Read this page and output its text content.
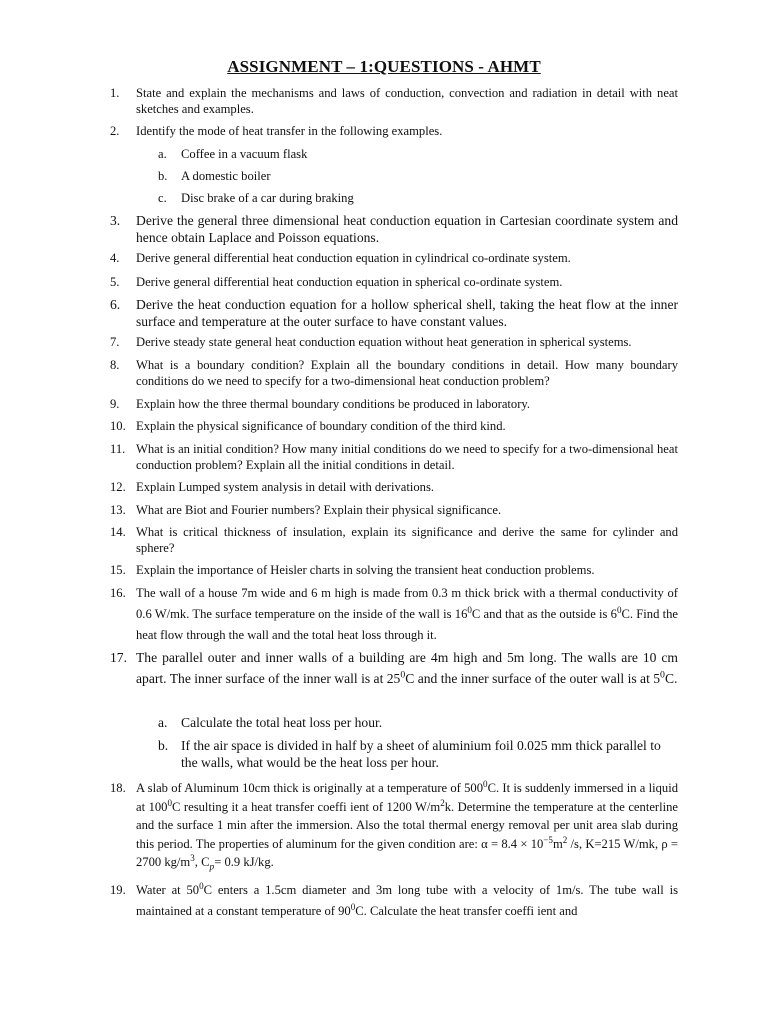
ASSIGNMENT – 1:QUESTIONS - AHMT
1.	State and explain the mechanisms and laws of conduction, convection and radiation in detail with neat sketches and examples.
2.	Identify the mode of heat transfer in the following examples.
a. Coffee in a vacuum flask
b. A domestic boiler
c. Disc brake of a car during braking
3.	Derive the general three dimensional heat conduction equation in Cartesian coordinate system and hence obtain Laplace and Poisson equations.
4.	Derive general differential heat conduction equation in cylindrical co-ordinate system.
5.	Derive general differential heat conduction equation in spherical co-ordinate system.
6.	Derive the heat conduction equation for a hollow spherical shell, taking the heat flow at the inner surface and temperature at the outer surface to have constant values.
7.	Derive steady state general heat conduction equation without heat generation in spherical systems.
8.	What is a boundary condition? Explain all the boundary conditions in detail. How many boundary conditions do we need to specify for a two-dimensional heat conduction problem?
9.	Explain how the three thermal boundary conditions be produced in laboratory.
10. Explain the physical significance of boundary condition of the third kind.
11. What is an initial condition? How many initial conditions do we need to specify for a two-dimensional heat conduction problem? Explain all the initial conditions in detail.
12. Explain Lumped system analysis in detail with derivations.
13. What are Biot and Fourier numbers? Explain their physical significance.
14. What is critical thickness of insulation, explain its significance and derive the same for cylinder and sphere?
15. Explain the importance of Heisler charts in solving the transient heat conduction problems.
16. The wall of a house 7m wide and 6 m high is made from 0.3 m thick brick with a thermal conductivity of 0.6 W/mk. The surface temperature on the inside of the wall is $16^0C$ and that as the outside is $6^0C$. Find the heat flow through the wall and the total heat loss through it.
17. The parallel outer and inner walls of a building are 4m high and 5m long. The walls are 10 cm apart. The inner surface of the inner wall is at $25^0C$ and the inner surface of the outer wall is at $5^0C$.
a. Calculate the total heat loss per hour.
b. If the air space is divided in half by a sheet of aluminium foil 0.025 mm thick parallel to the walls, what would be the heat loss per hour.
18. A slab of Aluminum 10cm thick is originally at a temperature of $500^0C$. It is suddenly immersed in a liquid at $100^0C$ resulting it a heat transfer coeffi ient of 1200 $W/m^2k$. Determine the temperature at the centerline and the surface 1 min after the immersion. Also the total thermal energy removal per unit area slab during this period. The properties of aluminum for the given condition are: $\alpha = 8.4 \times 10^{-5}m^2$ /s, K=215 W/mk, ρ = 2700 $kg/m^3$, $C_p= 0.9$ kJ/kg.
19. Water at $50^0C$ enters a 1.5cm diameter and 3m long tube with a velocity of 1m/s. The tube wall is maintained at a constant temperature of $90^0C$. Calculate the heat transfer coeffi ient and
